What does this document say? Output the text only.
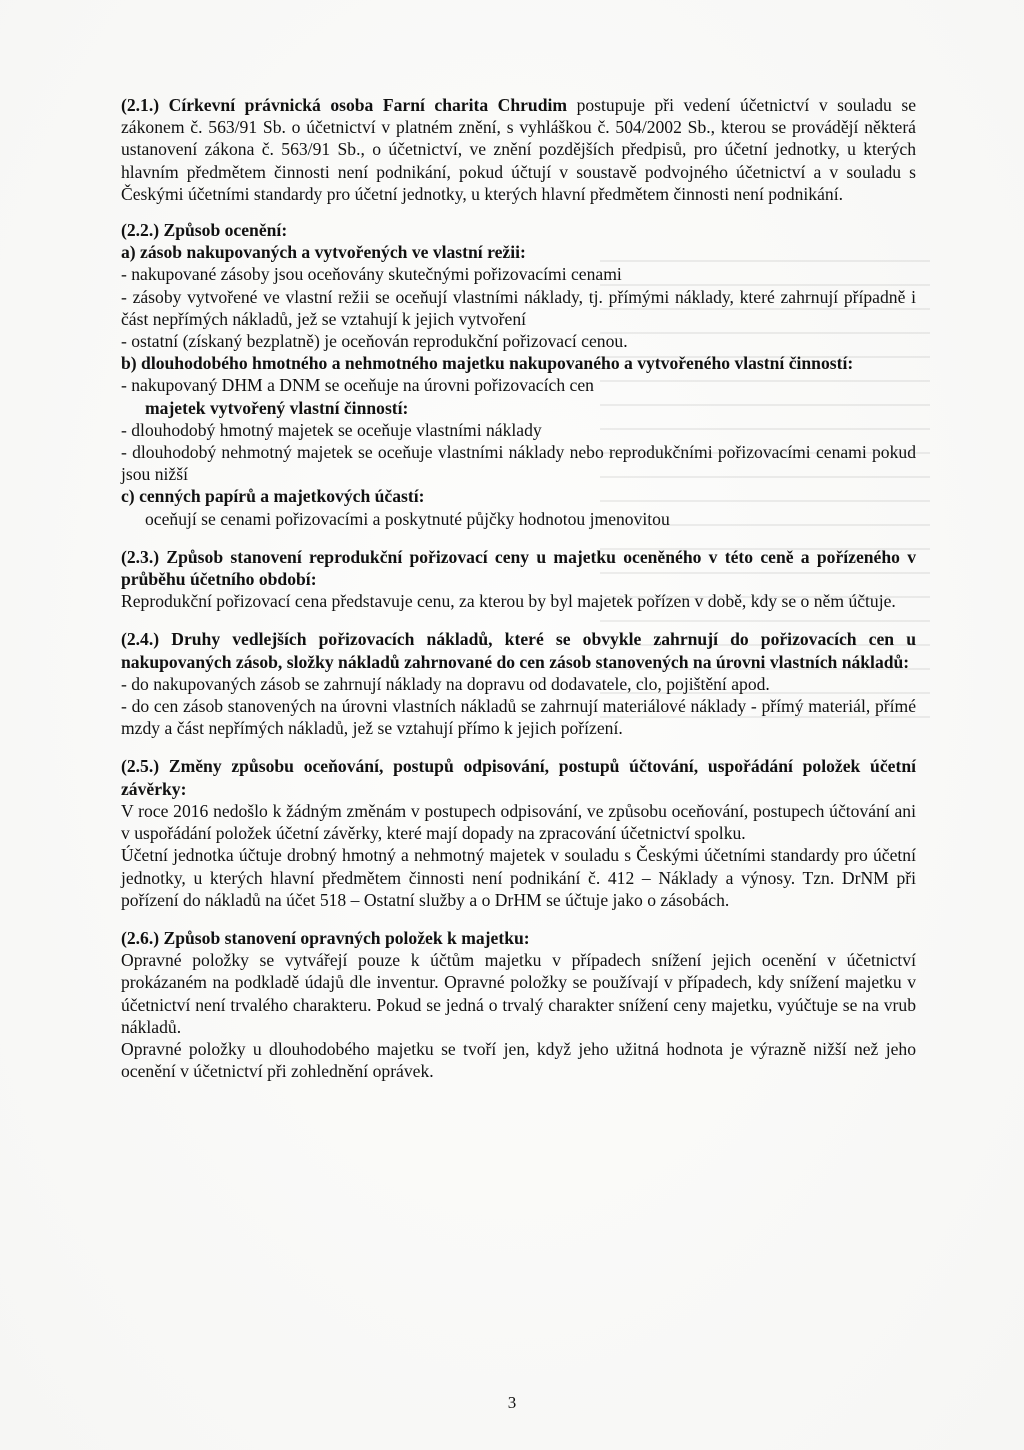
(2.1.) Církevní právnická osoba Farní charita Chrudim postupuje při vedení účetnictví v souladu se zákonem č. 563/91 Sb. o účetnictví v platném znění, s vyhláškou č. 504/2002 Sb., kterou se provádějí některá ustanovení zákona č. 563/91 Sb., o účetnictví, ve znění pozdějších předpisů, pro účetní jednotky, u kterých hlavním předmětem činnosti není podnikání, pokud účtují v soustavě podvojného účetnictví a v souladu s Českými účetními standardy pro účetní jednotky, u kterých hlavní předmětem činnosti není podnikání.

(2.2.) Způsob ocenění:

a) zásob nakupovaných a vytvořených ve vlastní režii:

- nakupované zásoby jsou oceňovány skutečnými pořizovacími cenami

- zásoby vytvořené ve vlastní režii se oceňují vlastními náklady, tj. přímými náklady, které zahrnují případně i část nepřímých nákladů, jež se vztahují k jejich vytvoření

- ostatní (získaný bezplatně) je oceňován reprodukční pořizovací cenou.

b) dlouhodobého hmotného a nehmotného majetku nakupovaného a vytvořeného vlastní činností:

- nakupovaný DHM a DNM se oceňuje na úrovni pořizovacích cen

majetek vytvořený vlastní činností:

- dlouhodobý hmotný majetek se oceňuje vlastními náklady

- dlouhodobý nehmotný majetek se oceňuje vlastními náklady nebo reprodukčními pořizovacími cenami pokud jsou nižší

c) cenných papírů a majetkových účastí:

oceňují se cenami pořizovacími a poskytnuté půjčky hodnotou jmenovitou

(2.3.) Způsob stanovení reprodukční pořizovací ceny u majetku oceněného v této ceně a pořízeného v průběhu účetního období:

Reprodukční pořizovací cena představuje cenu, za kterou by byl majetek pořízen v době, kdy se o něm účtuje.

(2.4.) Druhy vedlejších pořizovacích nákladů, které se obvykle zahrnují do pořizovacích cen u nakupovaných zásob, složky nákladů zahrnované do cen zásob stanovených na úrovni vlastních nákladů:

- do nakupovaných zásob se zahrnují náklady na dopravu od dodavatele, clo, pojištění apod.

- do cen zásob stanovených na úrovni vlastních nákladů se zahrnují materiálové náklady - přímý materiál, přímé mzdy a část nepřímých nákladů, jež se vztahují přímo k jejich pořízení.

(2.5.) Změny způsobu oceňování, postupů odpisování, postupů účtování, uspořádání položek účetní závěrky:

V roce 2016 nedošlo k žádným změnám v postupech odpisování, ve způsobu oceňování, postupech účtování ani v uspořádání položek účetní závěrky, které mají dopady na zpracování účetnictví spolku.

Účetní jednotka účtuje drobný hmotný a nehmotný majetek v souladu s Českými účetními standardy pro účetní jednotky, u kterých hlavní předmětem činnosti není podnikání č. 412 – Náklady a výnosy. Tzn. DrNM při pořízení do nákladů na účet 518 – Ostatní služby a o DrHM se účtuje jako o zásobách.

(2.6.) Způsob stanovení opravných položek k majetku:

Opravné položky se vytvářejí pouze k účtům majetku v případech snížení jejich ocenění v účetnictví prokázaném na podkladě údajů dle inventur. Opravné položky se používají v případech, kdy snížení majetku v účetnictví není trvalého charakteru. Pokud se jedná o trvalý charakter snížení ceny majetku, vyúčtuje se na vrub nákladů.

Opravné položky u dlouhodobého majetku se tvoří jen, když jeho užitná hodnota je výrazně nižší než jeho ocenění v účetnictví při zohlednění oprávek.

3
